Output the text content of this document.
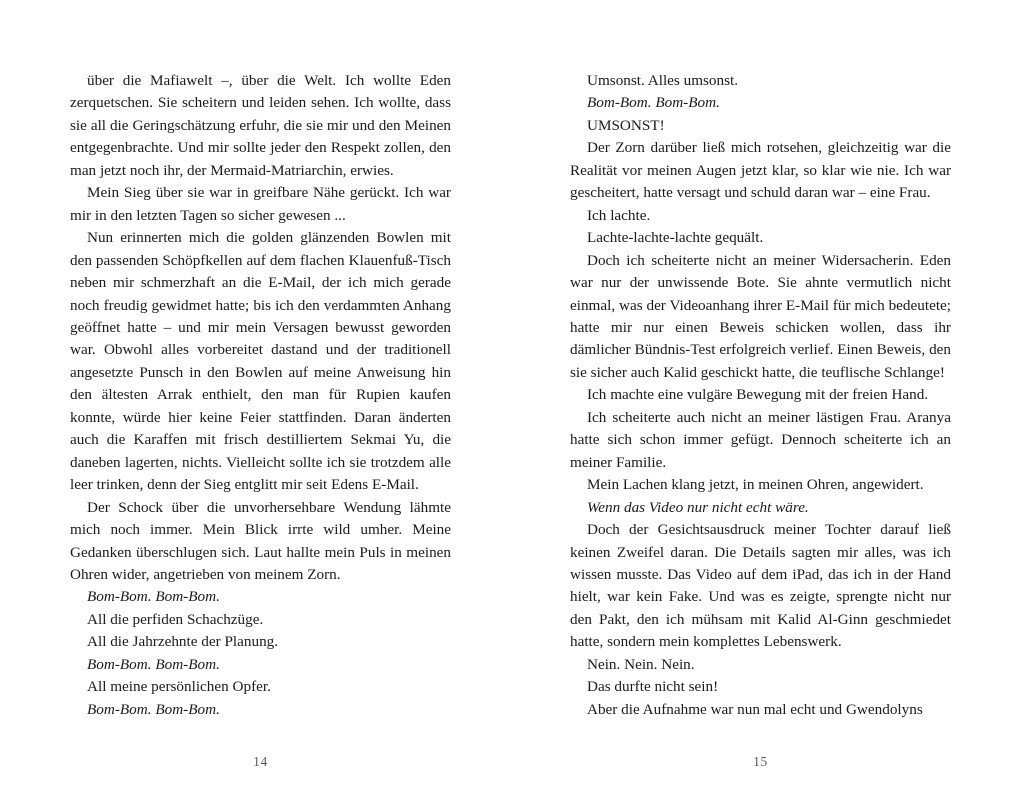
über die Mafiawelt –, über die Welt. Ich wollte Eden zerquetschen. Sie scheitern und leiden sehen. Ich wollte, dass sie all die Geringschätzung erfuhr, die sie mir und den Meinen entgegenbrachte. Und mir sollte jeder den Respekt zollen, den man jetzt noch ihr, der Mermaid-Matriarchin, erwies.

Mein Sieg über sie war in greifbare Nähe gerückt. Ich war mir in den letzten Tagen so sicher gewesen ...

Nun erinnerten mich die golden glänzenden Bowlen mit den passenden Schöpfkellen auf dem flachen Klauenfuß-Tisch neben mir schmerzhaft an die E-Mail, der ich mich gerade noch freudig gewidmet hatte; bis ich den verdammten Anhang geöffnet hatte – und mir mein Versagen bewusst geworden war. Obwohl alles vorbereitet dastand und der traditionell angesetzte Punsch in den Bowlen auf meine Anweisung hin den ältesten Arrak enthielt, den man für Rupien kaufen konnte, würde hier keine Feier stattfinden. Daran änderten auch die Karaffen mit frisch destilliertem Sekmai Yu, die daneben lagerten, nichts. Vielleicht sollte ich sie trotzdem alle leer trinken, denn der Sieg entglitt mir seit Edens E-Mail.

Der Schock über die unvorhersehbare Wendung lähmte mich noch immer. Mein Blick irrte wild umher. Meine Gedanken überschlugen sich. Laut hallte mein Puls in meinen Ohren wider, angetrieben von meinem Zorn.

Bom-Bom. Bom-Bom.

All die perfiden Schachzüge.

All die Jahrzehnte der Planung.

Bom-Bom. Bom-Bom.

All meine persönlichen Opfer.

Bom-Bom. Bom-Bom.

14

Umsonst. Alles umsonst.

Bom-Bom. Bom-Bom.

UMSONST!

Der Zorn darüber ließ mich rotsehen, gleichzeitig war die Realität vor meinen Augen jetzt klar, so klar wie nie. Ich war gescheitert, hatte versagt und schuld daran war – eine Frau.

Ich lachte.

Lachte-lachte-lachte gequält.

Doch ich scheiterte nicht an meiner Widersacherin. Eden war nur der unwissende Bote. Sie ahnte vermutlich nicht einmal, was der Videoanhang ihrer E-Mail für mich bedeutete; hatte mir nur einen Beweis schicken wollen, dass ihr dämlicher Bündnis-Test erfolgreich verlief. Einen Beweis, den sie sicher auch Kalid geschickt hatte, die teuflische Schlange!

Ich machte eine vulgäre Bewegung mit der freien Hand.

Ich scheiterte auch nicht an meiner lästigen Frau. Aranya hatte sich schon immer gefügt. Dennoch scheiterte ich an meiner Familie.

Mein Lachen klang jetzt, in meinen Ohren, angewidert.

Wenn das Video nur nicht echt wäre.

Doch der Gesichtsausdruck meiner Tochter darauf ließ keinen Zweifel daran. Die Details sagten mir alles, was ich wissen musste. Das Video auf dem iPad, das ich in der Hand hielt, war kein Fake. Und was es zeigte, sprengte nicht nur den Pakt, den ich mühsam mit Kalid Al-Ginn geschmiedet hatte, sondern mein komplettes Lebenswerk.

Nein. Nein. Nein.

Das durfte nicht sein!

Aber die Aufnahme war nun mal echt und Gwendolyns

15
